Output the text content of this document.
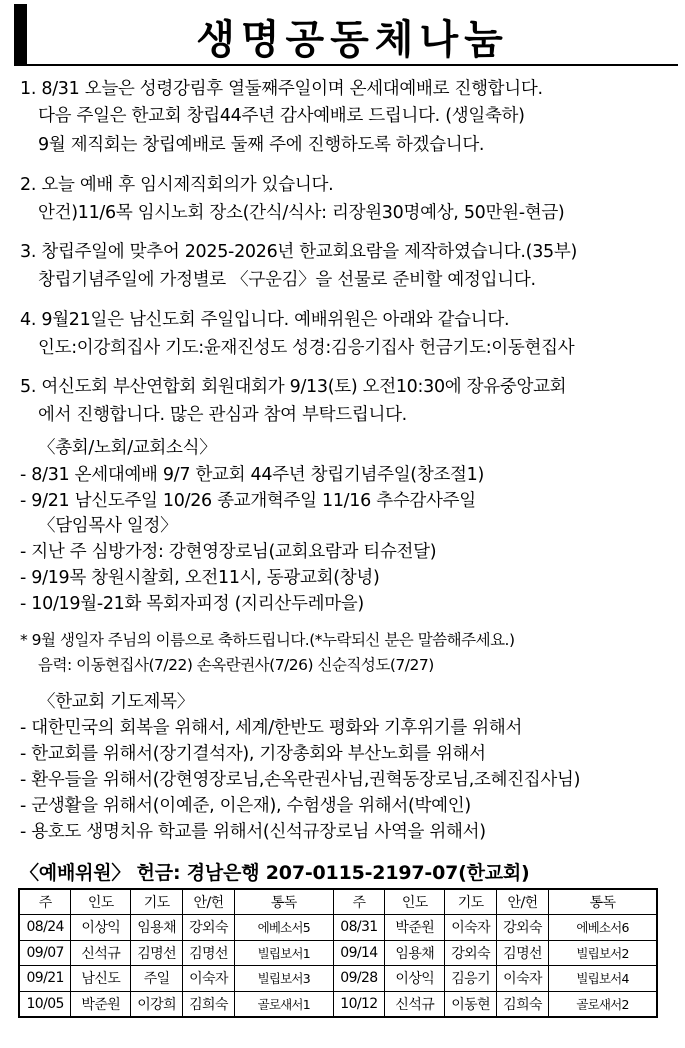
생명공동체나눔
1. 8/31 오늘은 성령강림후 열둘째주일이며 온세대예배로 진행합니다.
다음 주일은 한교회 창립44주년 감사예배로 드립니다. (생일축하)
9월 제직회는 창립예배로 둘째 주에 진행하도록 하겠습니다.
2. 오늘 예배 후 임시제직회의가 있습니다.
안건)11/6목 임시노회 장소(간식/식사: 리장원30명예상, 50만원-현금)
3. 창립주일에 맞추어 2025-2026년 한교회요람을 제작하였습니다.(35부)
창립기념주일에 가정별로 〈구운김〉을 선물로 준비할 예정입니다.
4. 9월21일은 남신도회 주일입니다. 예배위원은 아래와 같습니다.
인도:이강희집사 기도:윤재진성도 성경:김응기집사 헌금기도:이동현집사
5. 여신도회 부산연합회 회원대회가 9/13(토) 오전10:30에 장유중앙교회
에서 진행합니다. 많은 관심과 참여 부탁드립니다.
〈총회/노회/교회소식〉
- 8/31 온세대예배 9/7 한교회 44주년 창립기념주일(창조절1)
- 9/21 남신도주일 10/26 종교개혁주일 11/16 추수감사주일
〈담임목사 일정〉
- 지난 주 심방가정: 강현영장로님(교회요람과 티슈전달)
- 9/19목 창원시찰회, 오전11시, 동광교회(창녕)
- 10/19월-21화 목회자피정 (지리산두레마을)
* 9월 생일자 주님의 이름으로 축하드립니다.(*누락되신 분은 말씀해주세요.)
음력: 이동현집사(7/22) 손옥란권사(7/26) 신순직성도(7/27)
〈한교회 기도제목〉
- 대한민국의 회복을 위해서, 세계/한반도 평화와 기후위기를 위해서
- 한교회를 위해서(장기결석자), 기장총회와 부산노회를 위해서
- 환우들을 위해서(강현영장로님,손옥란권사님,권혁동장로님,조혜진집사님)
- 군생활을 위해서(이예준, 이은재), 수험생을 위해서(박예인)
- 용호도 생명치유 학교를 위해서(신석규장로님 사역을 위해서)
〈예배위원〉 헌금: 경남은행 207-0115-2197-07(한교회)
주	인도	기도	안/헌	통독	주	인도	기도	안/헌	통독
08/24	이상익	임용채	강외숙	에베소서5	08/31	박준원	이숙자	강외숙	에베소서6
09/07	신석규	김명선	김명선	빌립보서1	09/14	임용채	강외숙	김명선	빌립보서2
09/21	남신도	주일	이숙자	빌립보서3	09/28	이상익	김응기	이숙자	빌립보서4
10/05	박준원	이강희	김희숙	골로새서1	10/12	신석규	이동현	김희숙	골로새서2
